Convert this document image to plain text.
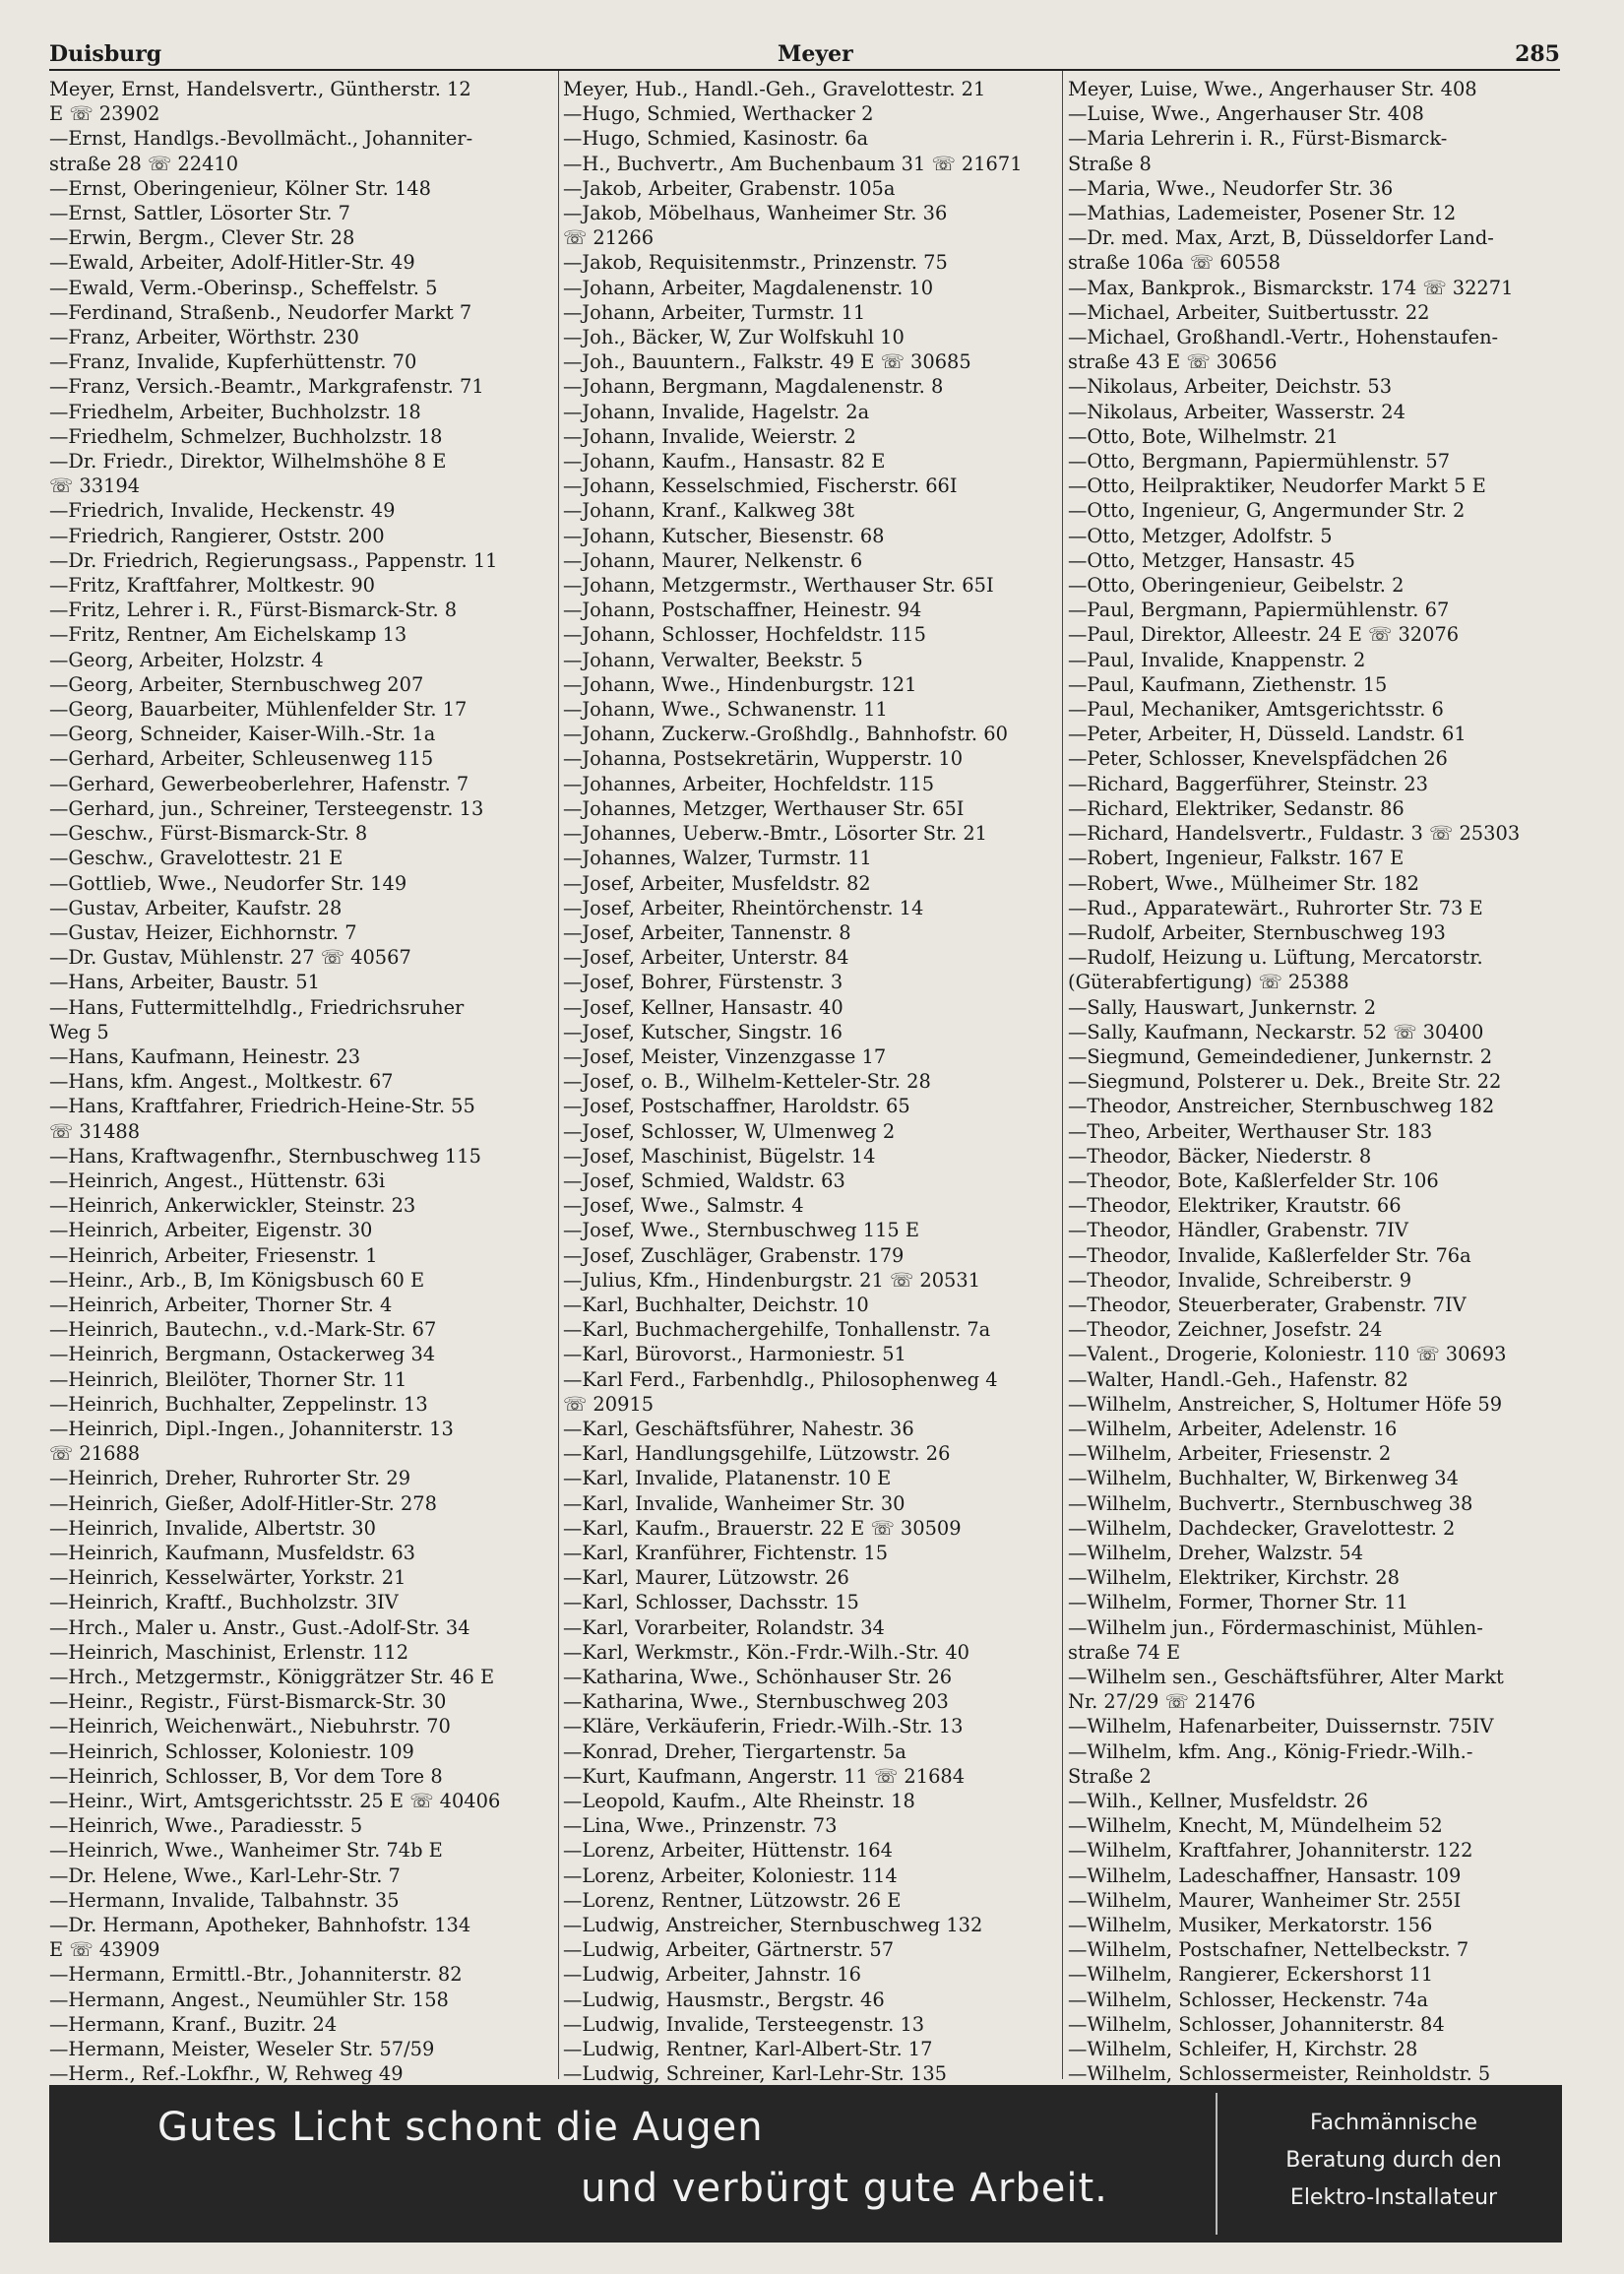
Duisburg	Meyer	285
Meyer, Ernst, Handelsvertr., Güntherstr. 12
E ☏ 23902
—Ernst, Handlgs.-Bevollmächt., Johanniter-
straße 28 ☏ 22410
—Ernst, Oberingenieur, Kölner Str. 148
—Ernst, Sattler, Lösorter Str. 7
—Erwin, Bergm., Clever Str. 28
—Ewald, Arbeiter, Adolf-Hitler-Str. 49
—Ewald, Verm.-Oberinsp., Scheffelstr. 5
—Ferdinand, Straßenb., Neudorfer Markt 7
—Franz, Arbeiter, Wörthstr. 230
—Franz, Invalide, Kupferhüttenstr. 70
—Franz, Versich.-Beamtr., Markgrafenstr. 71
—Friedhelm, Arbeiter, Buchholzstr. 18
—Friedhelm, Schmelzer, Buchholzstr. 18
—Dr. Friedr., Direktor, Wilhelmshöhe 8 E
☏ 33194
—Friedrich, Invalide, Heckenstr. 49
—Friedrich, Rangierer, Oststr. 200
—Dr. Friedrich, Regierungsass., Pappenstr. 11
—Fritz, Kraftfahrer, Moltkestr. 90
—Fritz, Lehrer i. R., Fürst-Bismarck-Str. 8
—Fritz, Rentner, Am Eichelskamp 13
—Georg, Arbeiter, Holzstr. 4
—Georg, Arbeiter, Sternbuschweg 207
—Georg, Bauarbeiter, Mühlenfelder Str. 17
—Georg, Schneider, Kaiser-Wilh.-Str. 1a
—Gerhard, Arbeiter, Schleusenweg 115
—Gerhard, Gewerbeoberlehrer, Hafenstr. 7
—Gerhard, jun., Schreiner, Tersteegenstr. 13
—Geschw., Fürst-Bismarck-Str. 8
—Geschw., Gravelottestr. 21 E
—Gottlieb, Wwe., Neudorfer Str. 149
—Gustav, Arbeiter, Kaufstr. 28
—Gustav, Heizer, Eichhornstr. 7
—Dr. Gustav, Mühlenstr. 27 ☏ 40567
—Hans, Arbeiter, Baustr. 51
—Hans, Futtermittelhdlg., Friedrichsruher
Weg 5
—Hans, Kaufmann, Heinestr. 23
—Hans, kfm. Angest., Moltkestr. 67
—Hans, Kraftfahrer, Friedrich-Heine-Str. 55
☏ 31488
—Hans, Kraftwagenfhr., Sternbuschweg 115
—Heinrich, Angest., Hüttenstr. 63i
—Heinrich, Ankerwickler, Steinstr. 23
—Heinrich, Arbeiter, Eigenstr. 30
—Heinrich, Arbeiter, Friesenstr. 1
—Heinr., Arb., B, Im Königsbusch 60 E
—Heinrich, Arbeiter, Thorner Str. 4
—Heinrich, Bautechn., v.d.-Mark-Str. 67
—Heinrich, Bergmann, Ostackerweg 34
—Heinrich, Bleilöter, Thorner Str. 11
—Heinrich, Buchhalter, Zeppelinstr. 13
—Heinrich, Dipl.-Ingen., Johanniterstr. 13
☏ 21688
—Heinrich, Dreher, Ruhrorter Str. 29
—Heinrich, Gießer, Adolf-Hitler-Str. 278
—Heinrich, Invalide, Albertstr. 30
—Heinrich, Kaufmann, Musfeldstr. 63
—Heinrich, Kesselwärter, Yorkstr. 21
—Heinrich, Kraftf., Buchholzstr. 3IV
—Hrch., Maler u. Anstr., Gust.-Adolf-Str. 34
—Heinrich, Maschinist, Erlenstr. 112
—Hrch., Metzgermstr., Königgrätzer Str. 46 E
—Heinr., Registr., Fürst-Bismarck-Str. 30
—Heinrich, Weichenwärt., Niebuhrstr. 70
—Heinrich, Schlosser, Koloniestr. 109
—Heinrich, Schlosser, B, Vor dem Tore 8
—Heinr., Wirt, Amtsgerichtsstr. 25 E ☏ 40406
—Heinrich, Wwe., Paradiesstr. 5
—Heinrich, Wwe., Wanheimer Str. 74b E
—Dr. Helene, Wwe., Karl-Lehr-Str. 7
—Hermann, Invalide, Talbahnstr. 35
—Dr. Hermann, Apotheker, Bahnhofstr. 134
E ☏ 43909
—Hermann, Ermittl.-Btr., Johanniterstr. 82
—Hermann, Angest., Neumühler Str. 158
—Hermann, Kranf., Buzitr. 24
—Hermann, Meister, Weseler Str. 57/59
—Herm., Ref.-Lokfhr., W, Rehweg 49
Meyer, Hub., Handl.-Geh., Gravelottestr. 21
—Hugo, Schmied, Werthacker 2
—Hugo, Schmied, Kasinostr. 6a
—H., Buchvertr., Am Buchenbaum 31 ☏ 21671
—Jakob, Arbeiter, Grabenstr. 105a
—Jakob, Möbelhaus, Wanheimer Str. 36
☏ 21266
—Jakob, Requisitenmstr., Prinzenstr. 75
—Johann, Arbeiter, Magdalenenstr. 10
—Johann, Arbeiter, Turmstr. 11
—Joh., Bäcker, W, Zur Wolfskuhl 10
—Joh., Bauuntern., Falkstr. 49 E ☏ 30685
—Johann, Bergmann, Magdalenenstr. 8
—Johann, Invalide, Hagelstr. 2a
—Johann, Invalide, Weierstr. 2
—Johann, Kaufm., Hansastr. 82 E
—Johann, Kesselschmied, Fischerstr. 66I
—Johann, Kranf., Kalkweg 38t
—Johann, Kutscher, Biesenstr. 68
—Johann, Maurer, Nelkenstr. 6
—Johann, Metzgermstr., Werthauser Str. 65I
—Johann, Postschaffner, Heinestr. 94
—Johann, Schlosser, Hochfeldstr. 115
—Johann, Verwalter, Beekstr. 5
—Johann, Wwe., Hindenburgstr. 121
—Johann, Wwe., Schwanenstr. 11
—Johann, Zuckerw.-Großhdlg., Bahnhofstr. 60
—Johanna, Postsekretärin, Wupperstr. 10
—Johannes, Arbeiter, Hochfeldstr. 115
—Johannes, Metzger, Werthauser Str. 65I
—Johannes, Ueberw.-Bmtr., Lösorter Str. 21
—Johannes, Walzer, Turmstr. 11
—Josef, Arbeiter, Musfeldstr. 82
—Josef, Arbeiter, Rheintörchenstr. 14
—Josef, Arbeiter, Tannenstr. 8
—Josef, Arbeiter, Unterstr. 84
—Josef, Bohrer, Fürstenstr. 3
—Josef, Kellner, Hansastr. 40
—Josef, Kutscher, Singstr. 16
—Josef, Meister, Vinzenzgasse 17
—Josef, o. B., Wilhelm-Ketteler-Str. 28
—Josef, Postschaffner, Haroldstr. 65
—Josef, Schlosser, W, Ulmenweg 2
—Josef, Maschinist, Bügelstr. 14
—Josef, Schmied, Waldstr. 63
—Josef, Wwe., Salmstr. 4
—Josef, Wwe., Sternbuschweg 115 E
—Josef, Zuschläger, Grabenstr. 179
—Julius, Kfm., Hindenburgstr. 21 ☏ 20531
—Karl, Buchhalter, Deichstr. 10
—Karl, Buchmachergehilfe, Tonhallenstr. 7a
—Karl, Bürovorst., Harmoniestr. 51
—Karl Ferd., Farbenhdlg., Philosophenweg 4
☏ 20915
—Karl, Geschäftsführer, Nahestr. 36
—Karl, Handlungsgehilfe, Lützowstr. 26
—Karl, Invalide, Platanenstr. 10 E
—Karl, Invalide, Wanheimer Str. 30
—Karl, Kaufm., Brauerstr. 22 E ☏ 30509
—Karl, Kranführer, Fichtenstr. 15
—Karl, Maurer, Lützowstr. 26
—Karl, Schlosser, Dachsstr. 15
—Karl, Vorarbeiter, Rolandstr. 34
—Karl, Werkmstr., Kön.-Frdr.-Wilh.-Str. 40
—Katharina, Wwe., Schönhauser Str. 26
—Katharina, Wwe., Sternbuschweg 203
—Kläre, Verkäuferin, Friedr.-Wilh.-Str. 13
—Konrad, Dreher, Tiergartenstr. 5a
—Kurt, Kaufmann, Angerstr. 11 ☏ 21684
—Leopold, Kaufm., Alte Rheinstr. 18
—Lina, Wwe., Prinzenstr. 73
—Lorenz, Arbeiter, Hüttenstr. 164
—Lorenz, Arbeiter, Koloniestr. 114
—Lorenz, Rentner, Lützowstr. 26 E
—Ludwig, Anstreicher, Sternbuschweg 132
—Ludwig, Arbeiter, Gärtnerstr. 57
—Ludwig, Arbeiter, Jahnstr. 16
—Ludwig, Hausmstr., Bergstr. 46
—Ludwig, Invalide, Tersteegenstr. 13
—Ludwig, Rentner, Karl-Albert-Str. 17
—Ludwig, Schreiner, Karl-Lehr-Str. 135
Meyer, Luise, Wwe., Angerhauser Str. 408
—Luise, Wwe., Angerhauser Str. 408
—Maria Lehrerin i. R., Fürst-Bismarck-
Straße 8
—Maria, Wwe., Neudorfer Str. 36
—Mathias, Lademeister, Posener Str. 12
—Dr. med. Max, Arzt, B, Düsseldorfer Land-
straße 106a ☏ 60558
—Max, Bankprok., Bismarckstr. 174 ☏ 32271
—Michael, Arbeiter, Suitbertusstr. 22
—Michael, Großhandl.-Vertr., Hohenstaufen-
straße 43 E ☏ 30656
—Nikolaus, Arbeiter, Deichstr. 53
—Nikolaus, Arbeiter, Wasserstr. 24
—Otto, Bote, Wilhelmstr. 21
—Otto, Bergmann, Papiermühlenstr. 57
—Otto, Heilpraktiker, Neudorfer Markt 5 E
—Otto, Ingenieur, G, Angermunder Str. 2
—Otto, Metzger, Adolfstr. 5
—Otto, Metzger, Hansastr. 45
—Otto, Oberingenieur, Geibelstr. 2
—Paul, Bergmann, Papiermühlenstr. 67
—Paul, Direktor, Alleestr. 24 E ☏ 32076
—Paul, Invalide, Knappenstr. 2
—Paul, Kaufmann, Ziethenstr. 15
—Paul, Mechaniker, Amtsgerichtsstr. 6
—Peter, Arbeiter, H, Düsseld. Landstr. 61
—Peter, Schlosser, Knevelspfädchen 26
—Richard, Baggerführer, Steinstr. 23
—Richard, Elektriker, Sedanstr. 86
—Richard, Handelsvertr., Fuldastr. 3 ☏ 25303
—Robert, Ingenieur, Falkstr. 167 E
—Robert, Wwe., Mülheimer Str. 182
—Rud., Apparatewärt., Ruhrorter Str. 73 E
—Rudolf, Arbeiter, Sternbuschweg 193
—Rudolf, Heizung u. Lüftung, Mercatorstr.
(Güterabfertigung) ☏ 25388
—Sally, Hauswart, Junkernstr. 2
—Sally, Kaufmann, Neckarstr. 52 ☏ 30400
—Siegmund, Gemeindediener, Junkernstr. 2
—Siegmund, Polsterer u. Dek., Breite Str. 22
—Theodor, Anstreicher, Sternbuschweg 182
—Theo, Arbeiter, Werthauser Str. 183
—Theodor, Bäcker, Niederstr. 8
—Theodor, Bote, Kaßlerfelder Str. 106
—Theodor, Elektriker, Krautstr. 66
—Theodor, Händler, Grabenstr. 7IV
—Theodor, Invalide, Kaßlerfelder Str. 76a
—Theodor, Invalide, Schreiberstr. 9
—Theodor, Steuerberater, Grabenstr. 7IV
—Theodor, Zeichner, Josefstr. 24
—Valent., Drogerie, Koloniestr. 110 ☏ 30693
—Walter, Handl.-Geh., Hafenstr. 82
—Wilhelm, Anstreicher, S, Holtumer Höfe 59
—Wilhelm, Arbeiter, Adelenstr. 16
—Wilhelm, Arbeiter, Friesenstr. 2
—Wilhelm, Buchhalter, W, Birkenweg 34
—Wilhelm, Buchvertr., Sternbuschweg 38
—Wilhelm, Dachdecker, Gravelottestr. 2
—Wilhelm, Dreher, Walzstr. 54
—Wilhelm, Elektriker, Kirchstr. 28
—Wilhelm, Former, Thorner Str. 11
—Wilhelm jun., Fördermaschinist, Mühlen-
straße 74 E
—Wilhelm sen., Geschäftsführer, Alter Markt
Nr. 27/29 ☏ 21476
—Wilhelm, Hafenarbeiter, Duissernstr. 75IV
—Wilhelm, kfm. Ang., König-Friedr.-Wilh.-
Straße 2
—Wilh., Kellner, Musfeldstr. 26
—Wilhelm, Knecht, M, Mündelheim 52
—Wilhelm, Kraftfahrer, Johanniterstr. 122
—Wilhelm, Ladeschaffner, Hansastr. 109
—Wilhelm, Maurer, Wanheimer Str. 255I
—Wilhelm, Musiker, Merkatorstr. 156
—Wilhelm, Postschafner, Nettelbeckstr. 7
—Wilhelm, Rangierer, Eckershorst 11
—Wilhelm, Schlosser, Heckenstr. 74a
—Wilhelm, Schlosser, Johanniterstr. 84
—Wilhelm, Schleifer, H, Kirchstr. 28
—Wilhelm, Schlossermeister, Reinholdstr. 5
Gutes Licht schont die Augen
und verbürgt gute Arbeit.
Fachmännische
Beratung durch den
Elektro-Installateur
